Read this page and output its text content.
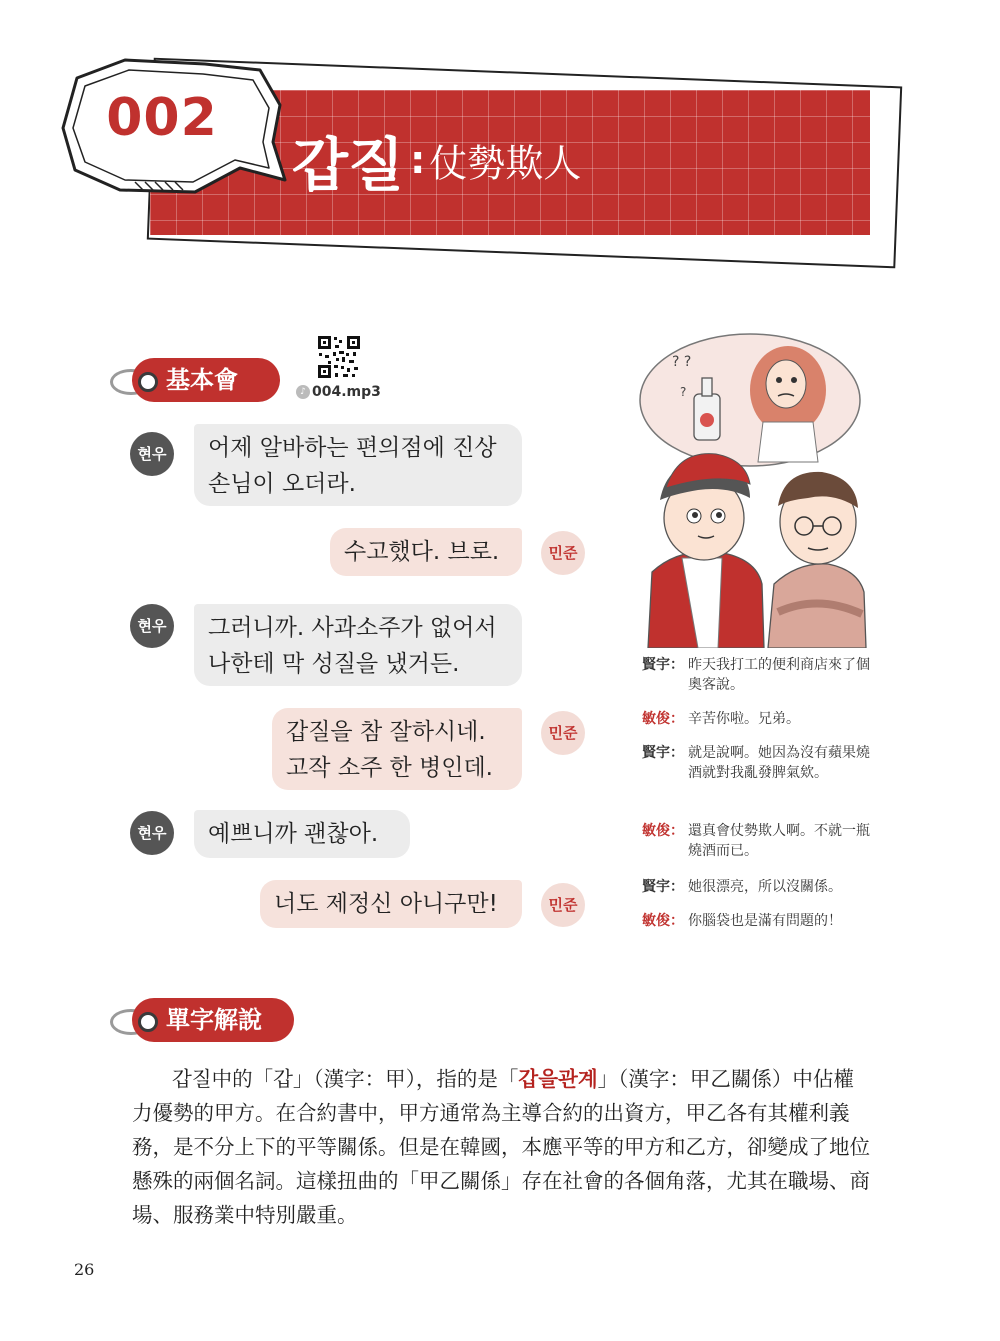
002
갑질 : 仗勢欺人
基本會話
♪ 004.mp3
현우	어제 알바하는 편의점에 진상
손님이 오더라.
수고했다. 브로.	민준
현우	그러니까. 사과소주가 없어서
나한테 막 성질을 냈거든.
갑질을 참 잘하시네.
고작 소주 한 병인데.
민준
현우	예쁘니까 괜찮아.
너도 제정신 아니구만!	민준
? ?
?
賢宇： 昨天我打工的便利商店來了個奧客說。
敏俊： 辛苦你啦。兄弟。
賢宇： 就是說啊。她因為沒有蘋果燒酒就對我亂發脾氣欸。
敏俊： 還真會仗勢欺人啊。不就一瓶燒酒而已。
賢宇： 她很漂亮，所以沒關係。
敏俊： 你腦袋也是滿有問題的！
單字解說
갑질中的「갑」（漢字：甲），指的是「갑을관계」（漢字：甲乙關係）中佔權力優勢的甲方。在合約書中，甲方通常為主導合約的出資方，甲乙各有其權利義務，是不分上下的平等關係。但是在韓國，本應平等的甲方和乙方，卻變成了地位懸殊的兩個名詞。這樣扭曲的「甲乙關係」存在社會的各個角落，尤其在職場、商場、服務業中特別嚴重。
26
